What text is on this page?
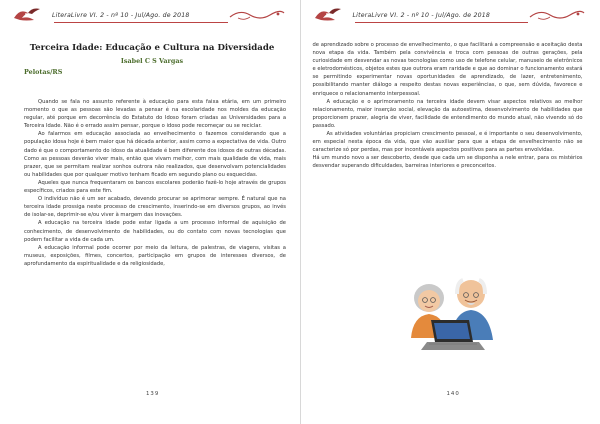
LiteraLivre VI. 2 - nº 10 - Jul/Ago. de 2018
Terceira Idade: Educação e Cultura na Diversidade
Isabel C S Vargas
Pelotas/RS

Quando se fala no assunto referente à educação para esta faixa etária, em um primeiro momento o que as pessoas são levadas a pensar é na escolaridade nos moldes da educação regular, até porque em decorrência do Estatuto do Idoso foram criadas as Universidades para a Terceira Idade. Não é o errado assim pensar, porque o idoso pode recomeçar ou se reciclar.

Ao falarmos em educação associada ao envelhecimento o fazemos considerando que a população idosa hoje é bem maior que há década anterior, assim como a expectativa de vida. Outro dado é que o comportamento do idoso da atualidade é bem diferente dos idosos de outras décadas. Como as pessoas deverão viver mais, então que vivam melhor, com mais qualidade de vida, mais prazer, que se permitam realizar sonhos outrora não realizados, que desenvolvam potencialidades ou habilidades que por qualquer motivo tenham ficado em segundo plano ou esquecidas.

Aqueles que nunca frequentaram os bancos escolares poderão fazê-lo hoje através de grupos específicos, criados para este fim.

O indivíduo não é um ser acabado, devendo procurar se aprimorar sempre. É natural que na terceira idade prossiga neste processo de crescimento, inserindo-se em diversos grupos, ao invés de isolar-se, deprimir-se e/ou viver à margem das inovações.

A educação na terceira idade pode estar ligada a um processo informal de aquisição de conhecimento, de desenvolvimento de habilidades, ou do contato com novas tecnologias que podem facilitar a vida de cada um.

A educação informal pode ocorrer por meio da leitura, de palestras, de viagens, visitas a museus, exposições, filmes, concertos, participação em grupos de interesses diversos, de aprofundamento da espiritualidade e da religiosidade,

139
LiteraLivre VI. 2 - nº 10 - Jul/Ago. de 2018

de aprendizado sobre o processo de envelhecimento, o que facilitará a compreensão e aceitação desta nova etapa da vida. Também pela convivência e troca com pessoas de outras gerações, pela curiosidade em desvendar as novas tecnologias como uso de telefone celular, manuseio de eletrônicos e eletrodomésticos, objetos estes que outrora eram raridade e que ao dominar o funcionamento estará se permitindo experimentar novas oportunidades de aprendizado, de lazer, entretenimento, possibilitando manter diálogo a respeito destas novas experiências, o que, sem dúvida, favorece e enriquece o relacionamento interpessoal.

A educação e o aprimoramento na terceira idade devem visar aspectos relativos ao melhor relacionamento, maior inserção social, elevação da autoestima, desenvolvimento de habilidades que proporcionem prazer, alegria de viver, facilidade de entendimento do mundo atual, não vivendo só do passado.

As atividades voluntárias propiciam crescimento pessoal, e é importante o seu desenvolvimento, em especial nesta época da vida, que vão auxiliar para que a etapa de envelhecimento não se caracterize só por perdas, mas por incontáveis aspectos positivos para as partes envolvidas.

Há um mundo novo a ser descoberto, desde que cada um se disponha a nele entrar, para os mistérios desvendar superando dificuldades, barreiras interiores e preconceitos.

140
